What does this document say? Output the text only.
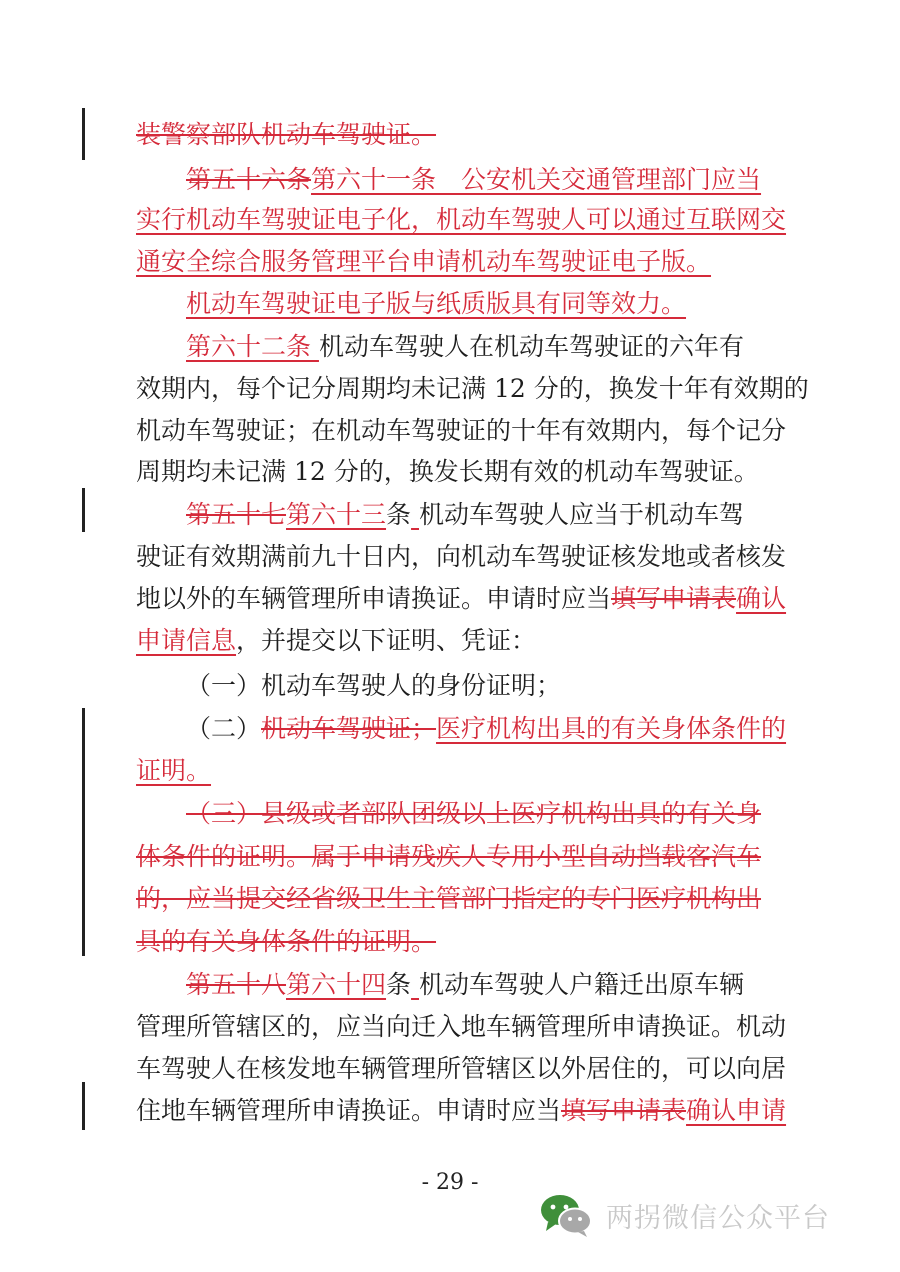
装警察部队机动车驾驶证。
第五十六条第六十一条　公安机关交通管理部门应当
实行机动车驾驶证电子化，机动车驾驶人可以通过互联网交
通安全综合服务管理平台申请机动车驾驶证电子版。
机动车驾驶证电子版与纸质版具有同等效力。
第六十二条 机动车驾驶人在机动车驾驶证的六年有
效期内，每个记分周期均未记满 12 分的，换发十年有效期的
机动车驾驶证；在机动车驾驶证的十年有效期内，每个记分
周期均未记满 12 分的，换发长期有效的机动车驾驶证。
第五十七第六十三条 机动车驾驶人应当于机动车驾
驶证有效期满前九十日内，向机动车驾驶证核发地或者核发
地以外的车辆管理所申请换证。申请时应当填写申请表确认
申请信息，并提交以下证明、凭证：
（一）机动车驾驶人的身份证明；
（二）机动车驾驶证；医疗机构出具的有关身体条件的
证明。
（三）县级或者部队团级以上医疗机构出具的有关身
体条件的证明。属于申请残疾人专用小型自动挡载客汽车
的，应当提交经省级卫生主管部门指定的专门医疗机构出
具的有关身体条件的证明。
第五十八第六十四条 机动车驾驶人户籍迁出原车辆
管理所管辖区的，应当向迁入地车辆管理所申请换证。机动
车驾驶人在核发地车辆管理所管辖区以外居住的，可以向居
住地车辆管理所申请换证。申请时应当填写申请表确认申请
- 29 -
两拐微信公众平台
